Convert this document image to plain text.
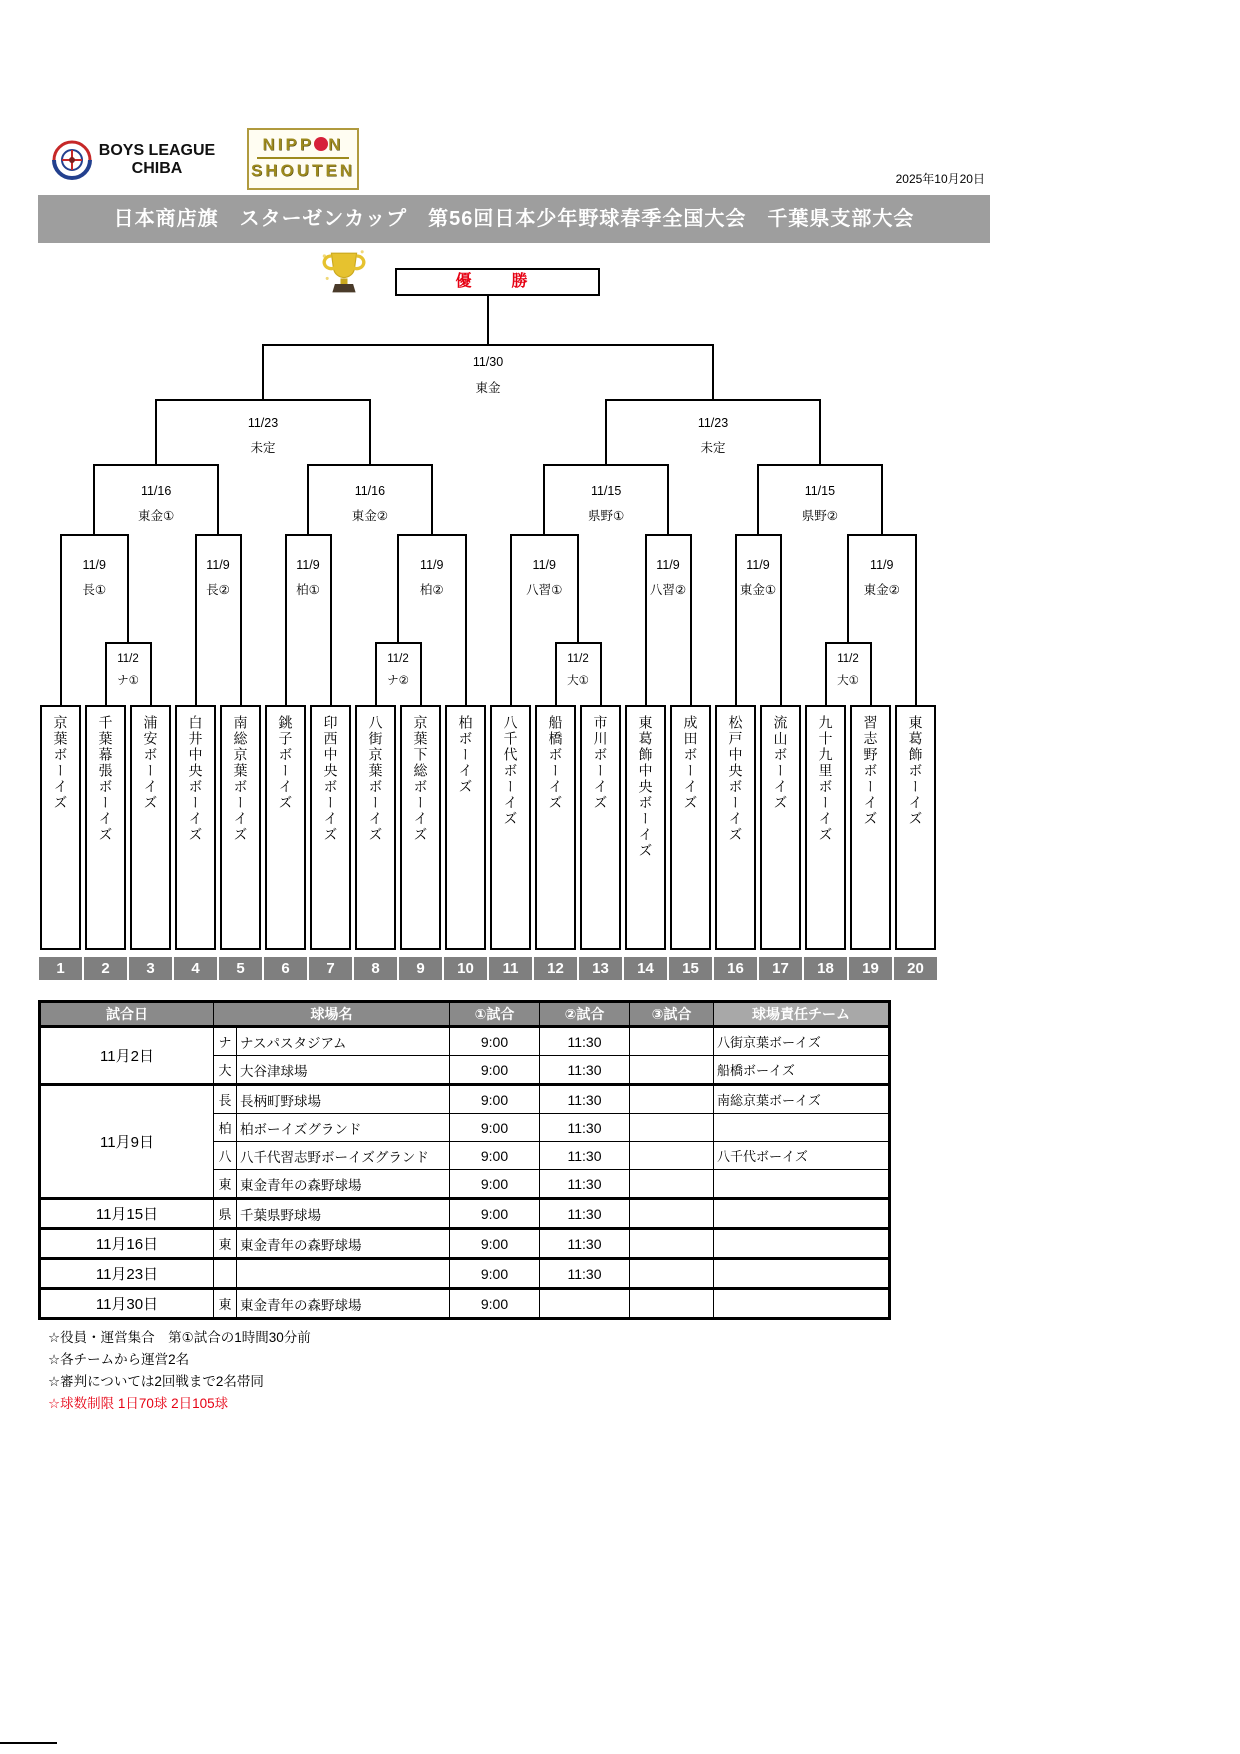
BOYS LEAGUE
CHIBA
NIPP N
SHOUTEN	2025年10月20日
日本商店旗　スターゼンカップ　第56回日本少年野球春季全国大会　千葉県支部大会
優　勝
京葉ボーイズ
1
千葉幕張ボーイズ
2
浦安ボーイズ
3
白井中央ボーイズ
4
南総京葉ボーイズ
5
銚子ボーイズ
6
印西中央ボーイズ
7
八街京葉ボーイズ
8
京葉下総ボーイズ
9
柏ボーイズ
10
八千代ボーイズ
11
船橋ボーイズ
12
市川ボーイズ
13
東葛飾中央ボーイズ
14
成田ボーイズ
15
松戸中央ボーイズ
16
流山ボーイズ
17
九十九里ボーイズ
18
習志野ボーイズ
19
東葛飾ボーイズ
20
11/2
ナ①
11/2
ナ②
11/2
大①
11/2
大①
11/9
長①
11/9
長②
11/9
柏①
11/9
柏②
11/9
八習①
11/9
八習②
11/9
東金①
11/9
東金②
11/16
東金①
11/16
東金②
11/15
県野①
11/15
県野②
11/23
未定
11/23
未定
11/30
東金
試合日	球場名		①試合	②試合	③試合	球場責任チーム
11月2日	ナ	ナスパスタジアム	9:00	11:30		八街京葉ボーイズ
	大	大谷津球場	9:00	11:30		船橋ボーイズ
11月9日	長	長柄町野球場	9:00	11:30		南総京葉ボーイズ
	柏	柏ボーイズグランド	9:00	11:30		
	八	八千代習志野ボーイズグランド	9:00	11:30		八千代ボーイズ
	東	東金青年の森野球場	9:00	11:30		
11月15日	県	千葉県野球場	9:00	11:30		
11月16日	東	東金青年の森野球場	9:00	11:30		
11月23日			9:00	11:30		
11月30日	東	東金青年の森野球場	9:00			
☆役員・運営集合　第①試合の1時間30分前
☆各チームから運営2名
☆審判については2回戦まで2名帯同
☆球数制限 1日70球 2日105球
